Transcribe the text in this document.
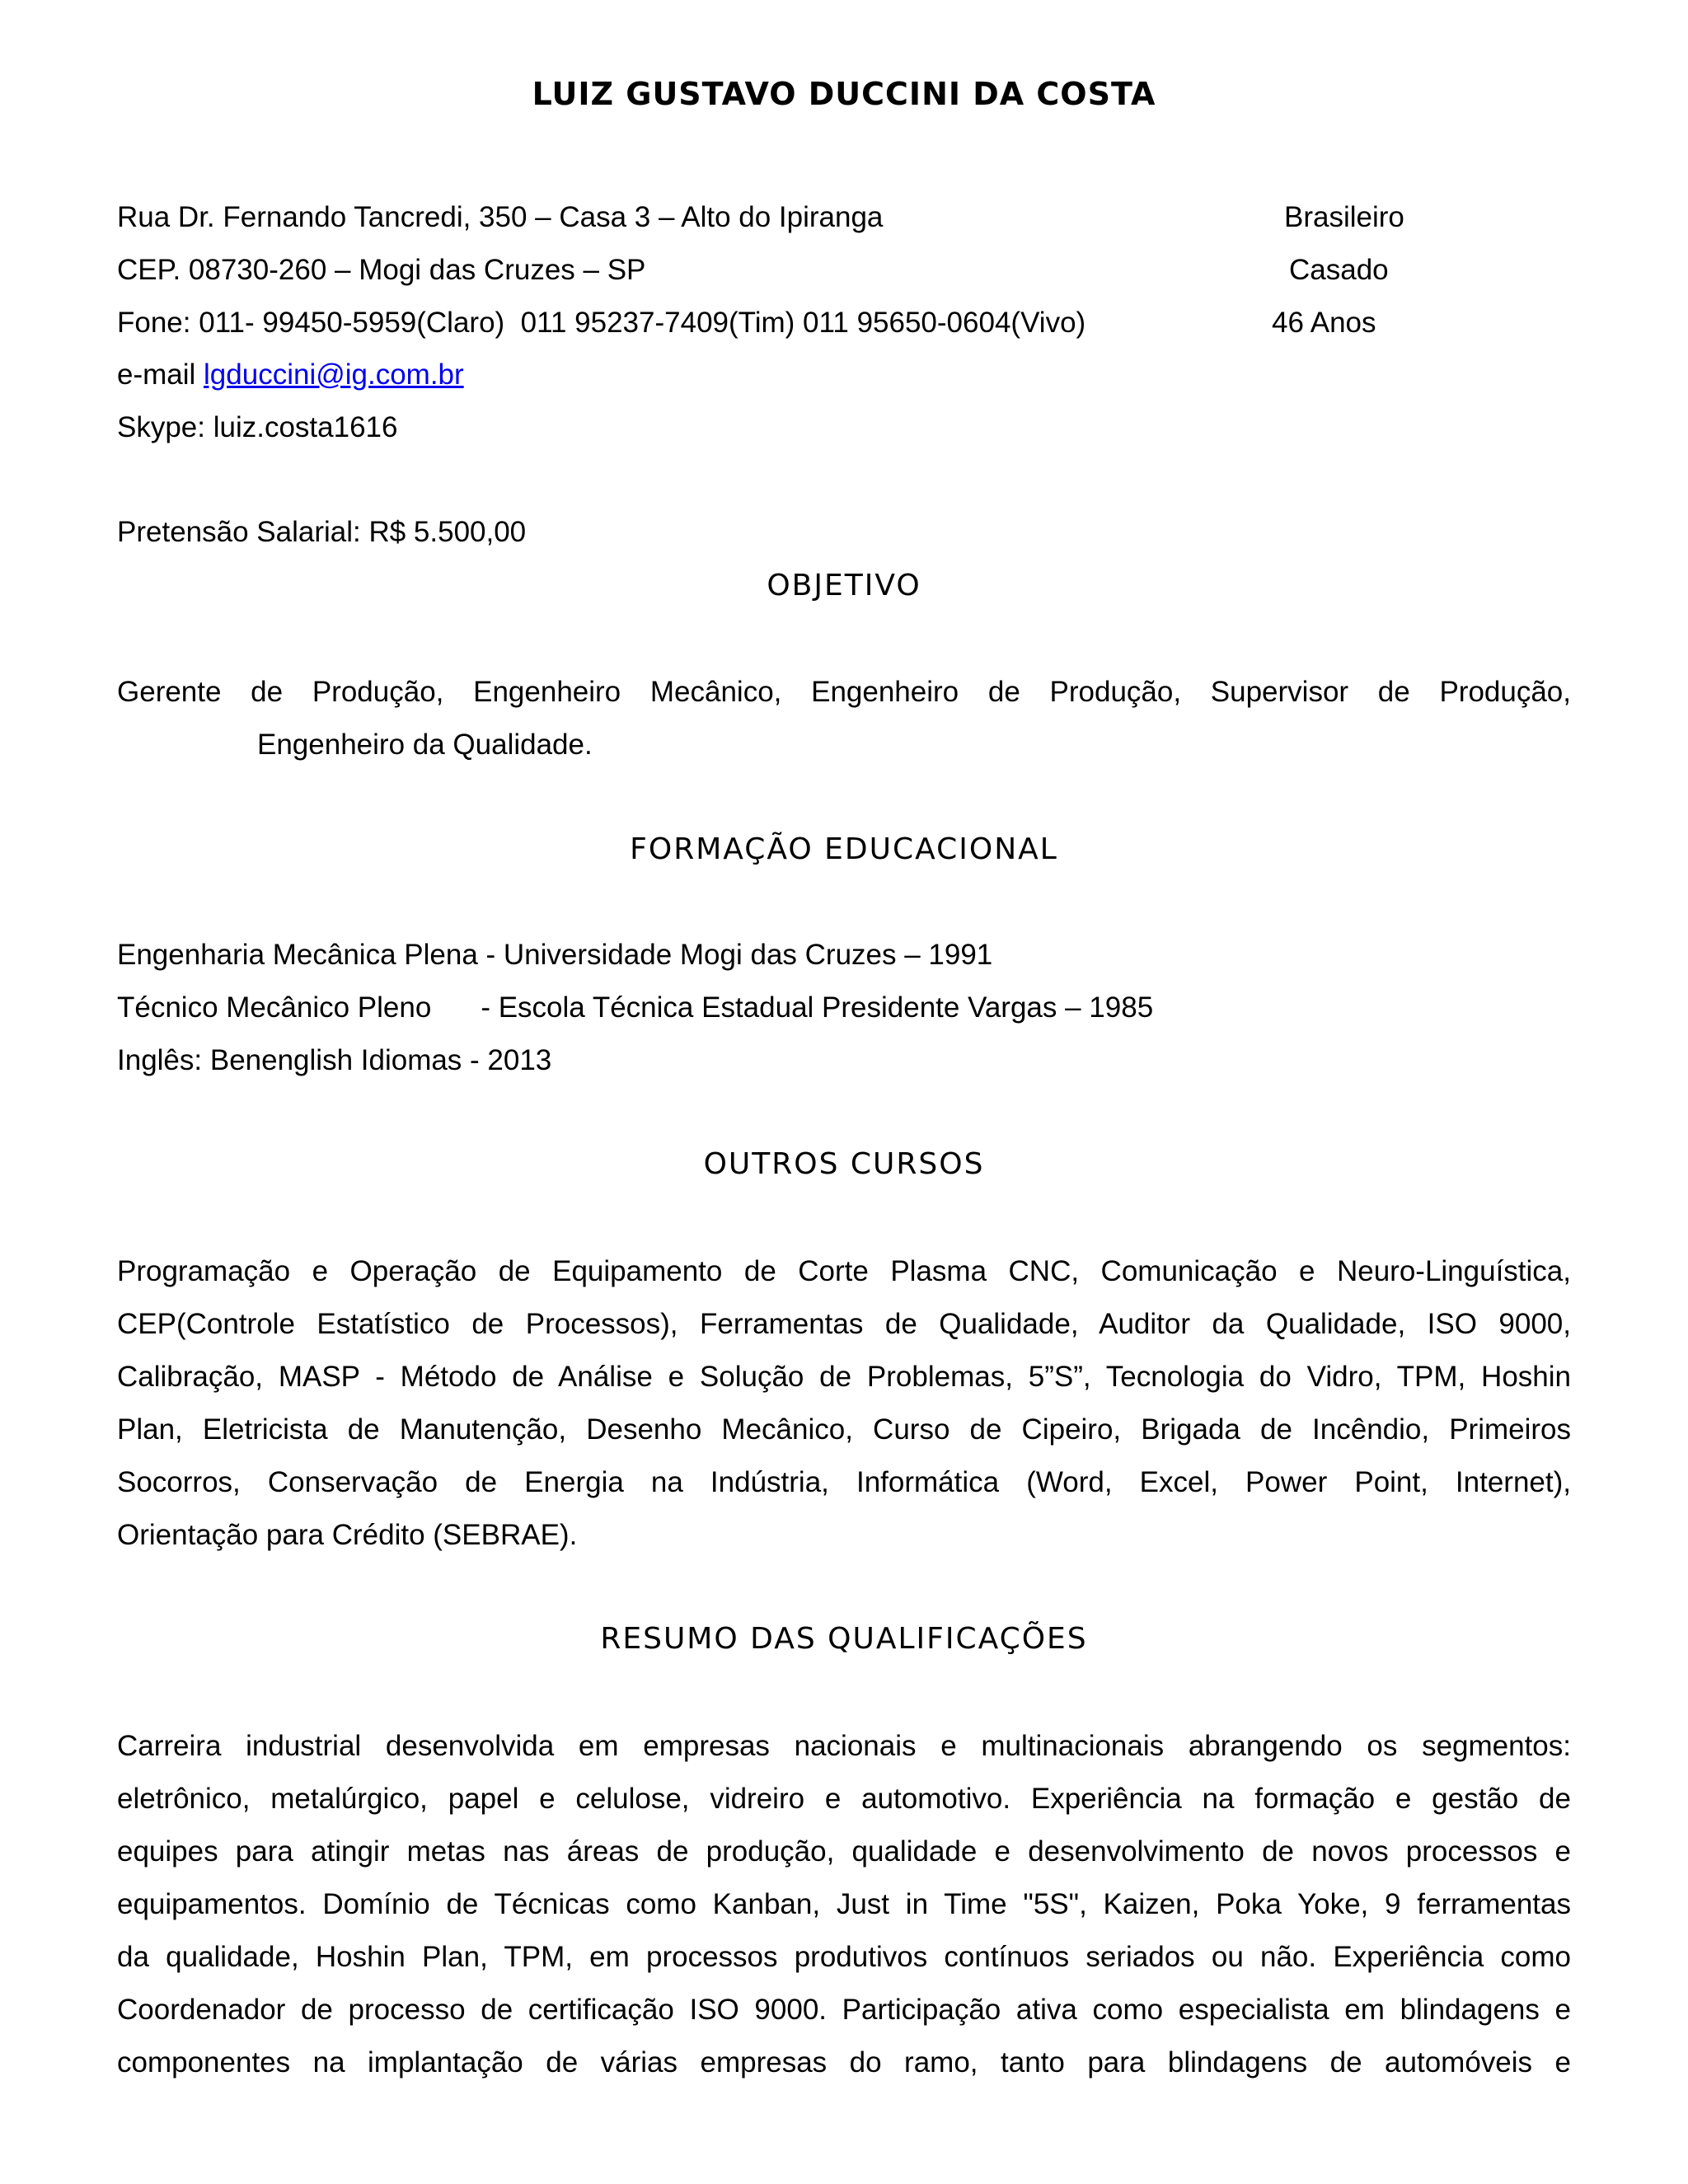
LUIZ GUSTAVO DUCCINI DA COSTA
Rua Dr. Fernando Tancredi, 350 – Casa 3 – Alto do Ipiranga
CEP. 08730-260 – Mogi das Cruzes – SP
Fone: 011- 99450-5959(Claro)  011 95237-7409(Tim) 011 95650-0604(Vivo)
e-mail lgduccini@ig.com.br
Skype: luiz.costa1616
Brasileiro
Casado
46 Anos
Pretensão Salarial: R$ 5.500,00
OBJETIVO
Gerente de Produção, Engenheiro Mecânico, Engenheiro de Produção, Supervisor de Produção,
Engenheiro da Qualidade.
FORMAÇÃO EDUCACIONAL
Engenharia Mecânica Plena - Universidade Mogi das Cruzes – 1991
Técnico Mecânico Pleno - Escola Técnica Estadual Presidente Vargas – 1985
Inglês: Benenglish Idiomas - 2013
OUTROS CURSOS
Programação e Operação de Equipamento de Corte Plasma CNC, Comunicação e Neuro-Linguística,
CEP(Controle Estatístico de Processos), Ferramentas de Qualidade, Auditor da Qualidade, ISO 9000,
Calibração, MASP - Método de Análise e Solução de Problemas, 5”S”, Tecnologia do Vidro, TPM, Hoshin
Plan, Eletricista de Manutenção, Desenho Mecânico, Curso de Cipeiro, Brigada de Incêndio, Primeiros
Socorros, Conservação de Energia na Indústria, Informática (Word, Excel, Power Point, Internet),
Orientação para Crédito (SEBRAE).
RESUMO DAS QUALIFICAÇÕES
Carreira industrial desenvolvida em empresas nacionais e multinacionais abrangendo os segmentos:
eletrônico, metalúrgico, papel e celulose, vidreiro e automotivo. Experiência na formação e gestão de
equipes para atingir metas nas áreas de produção, qualidade e desenvolvimento de novos processos e
equipamentos. Domínio de Técnicas como Kanban, Just in Time "5S", Kaizen, Poka Yoke, 9 ferramentas
da qualidade, Hoshin Plan, TPM, em processos produtivos contínuos seriados ou não. Experiência como
Coordenador de processo de certificação ISO 9000. Participação ativa como especialista em blindagens e
componentes na implantação de várias empresas do ramo, tanto para blindagens de automóveis e
